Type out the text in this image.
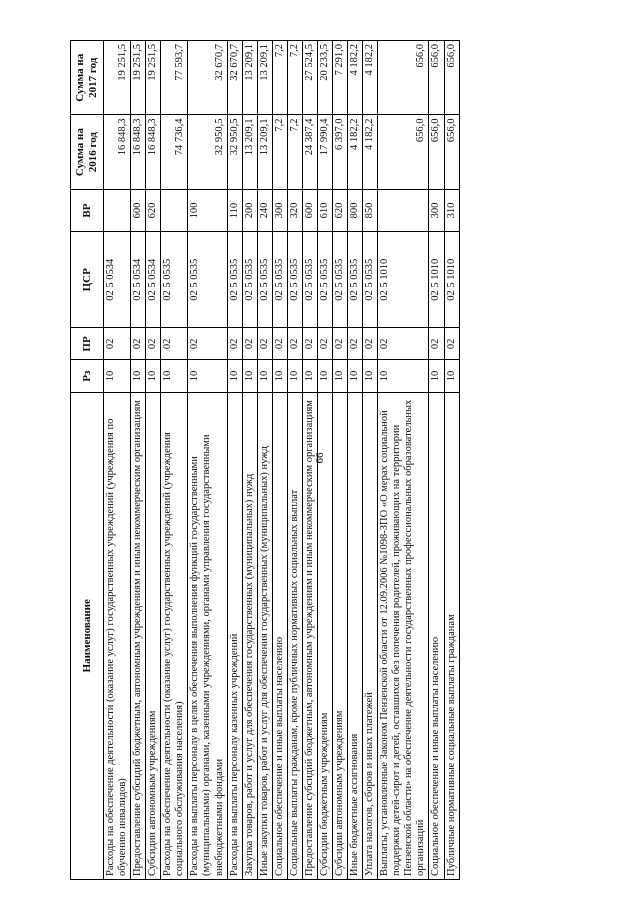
66
Наименование	Рз	ПР	ЦСР	ВР	Сумма на 2016 год	Сумма на 2017 год
Расходы на обеспечение деятельности (оказание услуг) государственных учреждений (учреждения по обучению инвалидов)	10	02	02 5 0534		16 848,3	19 251,5
Предоставление субсидий бюджетным, автономным учреждениям и иным некоммерческим организациям	10	02	02 5 0534	600	16 848,3	19 251,5
Субсидии автономным учреждениям	10	02	02 5 0534	620	16 848,3	19 251,5
Расходы на обеспечение деятельности (оказание услуг) государственных учреждений (учреждения социального обслуживания населения)	10	02	02 5 0535		74 736,4	77 593,7
Расходы на выплаты персоналу в целях обеспечения выполнения функций государственными (муниципальными) органами, казенными учреждениями, органами управления государственными внебюджетными фондами	10	02	02 5 0535	100	32 950,5	32 670,7
Расходы на выплаты персоналу казенных учреждений	10	02	02 5 0535	110	32 950,5	32 670,7
Закупка товаров, работ и услуг для обеспечения государственных (муниципальных) нужд	10	02	02 5 0535	200	13 209,1	13 209,1
Иные закупки товаров, работ и услуг для обеспечения государственных (муниципальных) нужд	10	02	02 5 0535	240	13 209,1	13 209,1
Социальное обеспечение и иные выплаты населению	10	02	02 5 0535	300	7,2	7,2
Социальные выплаты гражданам, кроме публичных нормативных социальных выплат	10	02	02 5 0535	320	7,2	7,2
Предоставление субсидий бюджетным, автономным учреждениям и иным некоммерческим организациям	10	02	02 5 0535	600	24 387,4	27 524,5
Субсидии бюджетным учреждениям	10	02	02 5 0535	610	17 990,4	20 233,5
Субсидии автономным учреждениям	10	02	02 5 0535	620	6 397,0	7 291,0
Иные бюджетные ассигнования	10	02	02 5 0535	800	4 182,2	4 182,2
Уплата налогов, сборов и иных платежей	10	02	02 5 0535	850	4 182,2	4 182,2
Выплаты, установленные Законом Пензенской области от 12.09.2006 №1098-ЗПО «О мерах социальной поддержки детей-сирот и детей, оставшихся без попечения родителей, проживающих на территории Пензенской области» на обеспечение деятельности государственных профессиональных образовательных организаций	10	02	02 5 1010		656,0	656,0
Социальное обеспечение и иные выплаты населению	10	02	02 5 1010	300	656,0	656,0
Публичные нормативные социальные выплаты гражданам	10	02	02 5 1010	310	656,0	656,0
